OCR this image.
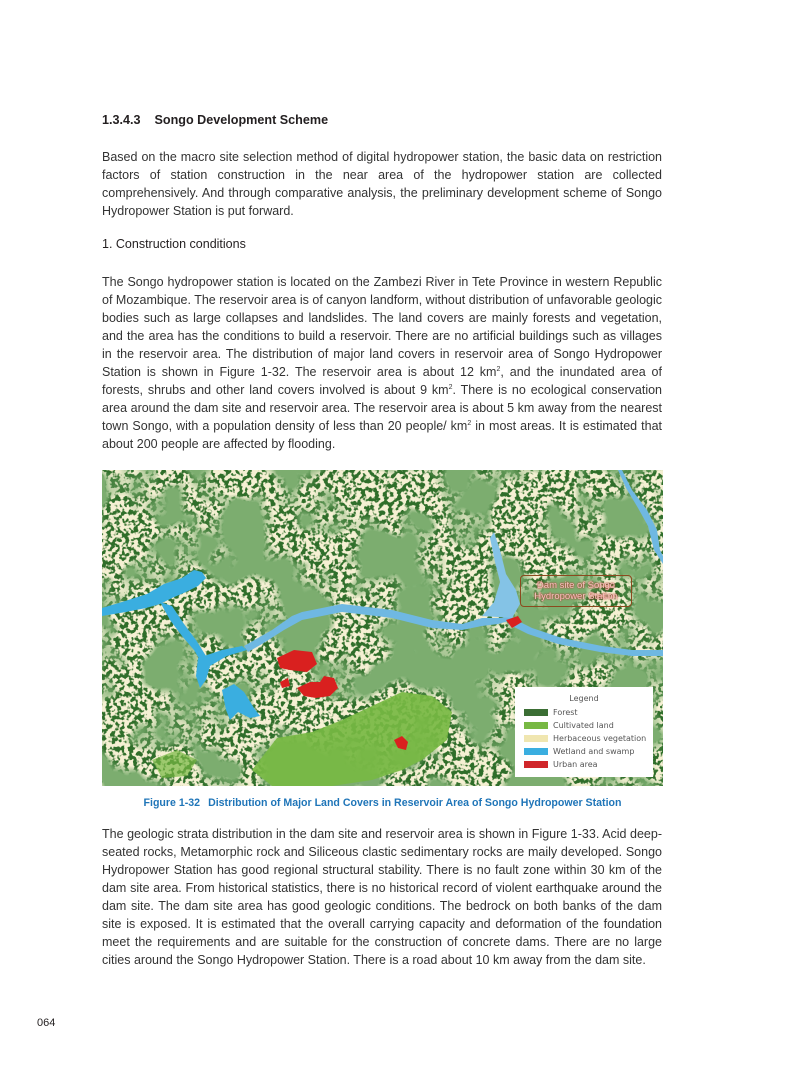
1.3.4.3 Songo Development Scheme

Based on the macro site selection method of digital hydropower station, the basic data on restriction factors of station construction in the near area of the hydropower station are collected comprehensively. And through comparative analysis, the preliminary development scheme of Songo Hydropower Station is put forward.

1. Construction conditions

The Songo hydropower station is located on the Zambezi River in Tete Province in western Republic of Mozambique. The reservoir area is of canyon landform, without distribution of unfavorable geologic bodies such as large collapses and landslides. The land covers are mainly forests and vegetation, and the area has the conditions to build a reservoir. There are no artificial buildings such as villages in the reservoir area. The distribution of major land covers in reservoir area of Songo Hydropower Station is shown in Figure 1-32. The reservoir area is about 12 $km^2$, and the inundated area of forests, shrubs and other land covers involved is about 9 $km^2$. There is no ecological conservation area around the dam site and reservoir area. The reservoir area is about 5 km away from the nearest town Songo, with a population density of less than 20 people/ $km^2$ in most areas. It is estimated that about 200 people are affected by flooding.

Dam site of Songo
Hydropower Station
Legend
Forest
Cultivated land
Herbaceous vegetation
Wetland and swamp
Urban area
Figure 1-32 Distribution of Major Land Covers in Reservoir Area of Songo Hydropower Station

The geologic strata distribution in the dam site and reservoir area is shown in Figure 1-33. Acid deep-seated rocks, Metamorphic rock and Siliceous clastic sedimentary rocks are maily developed. Songo Hydropower Station has good regional structural stability. There is no fault zone within 30 km of the dam site area. From historical statistics, there is no historical record of violent earthquake around the dam site. The dam site area has good geologic conditions. The bedrock on both banks of the dam site is exposed. It is estimated that the overall carrying capacity and deformation of the foundation meet the requirements and are suitable for the construction of concrete dams. There are no large cities around the Songo Hydropower Station. There is a road about 10 km away from the dam site.

064
